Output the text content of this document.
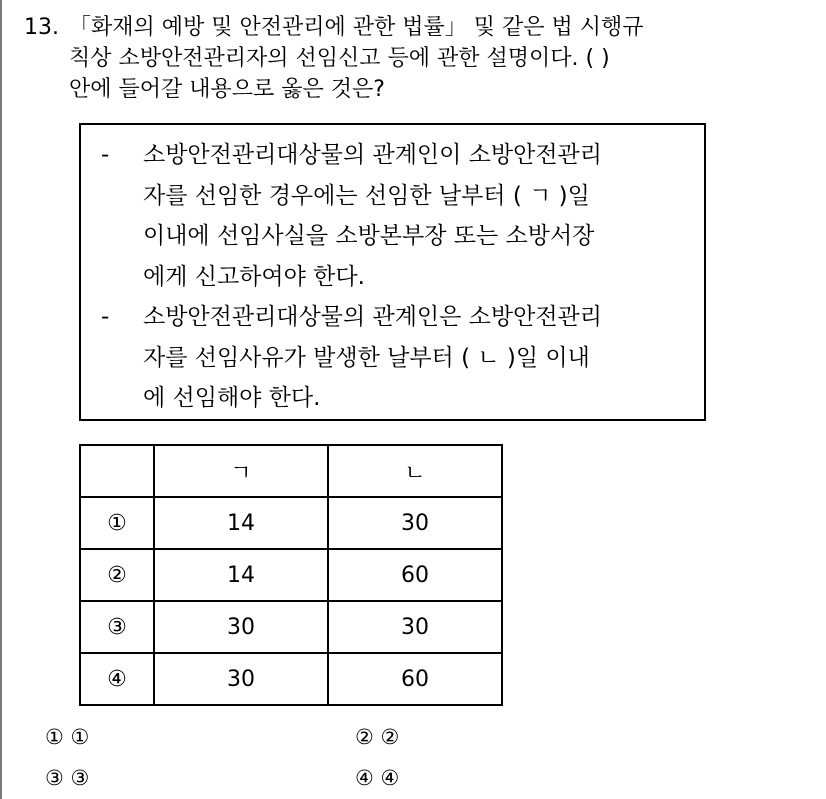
13. 「화재의 예방 및 안전관리에 관한 법률」 및 같은 법 시행규
칙상 소방안전관리자의 선임신고 등에 관한 설명이다. ( )
안에 들어갈 내용으로 옳은 것은?
- 소방안전관리대상물의 관계인이 소방안전관리
자를 선임한 경우에는 선임한 날부터 ( ㄱ )일
이내에 선임사실을 소방본부장 또는 소방서장
에게 신고하여야 한다.
- 소방안전관리대상물의 관계인은 소방안전관리
자를 선임사유가 발생한 날부터 ( ㄴ )일 이내
에 선임해야 한다.
	ㄱ	ㄴ
①	14	30
②	14	60
③	30	30
④	30	60
① ①	② ②
③ ③	④ ④
